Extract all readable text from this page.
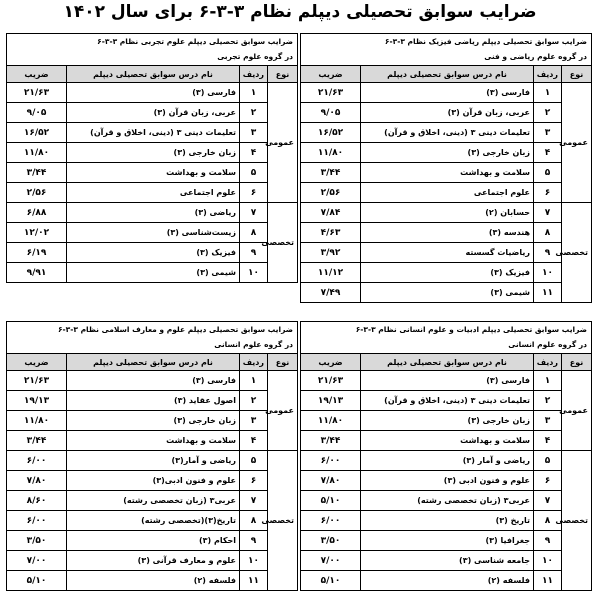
ضرایب سوابق تحصیلی دیپلم نظام ۳-۳-۶ برای سال ۱۴۰۲
ضرایب سوابق تحصیلی دیپلم ریاضی فیزیک نظام ۳-۳-۶
در گروه علوم ریاضی و فنی
نوع	ردیف	نام درس سوابق تحصیلی دیپلم	ضریب
عمومی	۱	فارسی (۳)	۲۱/۶۳
	۲	عربی، زبان قرآن (۳)	۹/۰۵
	۳	تعلیمات دینی ۳ (دینی، اخلاق و قرآن)	۱۶/۵۲
	۴	زبان خارجی (۳)	۱۱/۸۰
	۵	سلامت و بهداشت	۳/۴۴
	۶	علوم اجتماعی	۲/۵۶
تخصصی	۷	حسابان (۲)	۷/۸۴
	۸	هندسه (۳)	۴/۶۳
	۹	ریاضیات گسسته	۳/۹۲
	۱۰	فیزیک (۳)	۱۱/۱۲
	۱۱	شیمی (۳)	۷/۴۹
ضرایب سوابق تحصیلی دیپلم علوم تجربی نظام ۳-۳-۶
در گروه علوم تجربی
نوع	ردیف	نام درس سوابق تحصیلی دیپلم	ضریب
عمومی	۱	فارسی (۳)	۲۱/۶۳
	۲	عربی، زبان قرآن (۳)	۹/۰۵
	۳	تعلیمات دینی ۳ (دینی، اخلاق و قرآن)	۱۶/۵۲
	۴	زبان خارجی (۳)	۱۱/۸۰
	۵	سلامت و بهداشت	۳/۴۴
	۶	علوم اجتماعی	۲/۵۶
تخصصی	۷	ریاضی (۳)	۶/۸۸
	۸	زیست‌شناسی (۳)	۱۲/۰۲
	۹	فیزیک (۳)	۶/۱۹
	۱۰	شیمی (۳)	۹/۹۱
ضرایب سوابق تحصیلی دیپلم ادبیات و علوم انسانی نظام ۳-۳-۶
در گروه علوم انسانی
نوع	ردیف	نام درس سوابق تحصیلی دیپلم	ضریب
عمومی	۱	فارسی (۳)	۲۱/۶۳
	۲	تعلیمات دینی ۳ (دینی، اخلاق و قرآن)	۱۹/۱۳
	۳	زبان خارجی (۳)	۱۱/۸۰
	۴	سلامت و بهداشت	۳/۴۴
تخصصی	۵	ریاضی و آمار (۳)	۶/۰۰
	۶	علوم و فنون ادبی (۳)	۷/۸۰
	۷	عربی۳ (زبان تخصصی رشته)	۵/۱۰
	۸	تاریخ (۳)	۶/۰۰
	۹	جغرافیا (۳)	۳/۵۰
	۱۰	جامعه شناسی (۳)	۷/۰۰
	۱۱	فلسفه (۲)	۵/۱۰
ضرایب سوابق تحصیلی دیپلم علوم و معارف اسلامی نظام ۳-۳-۶
در گروه علوم انسانی
نوع	ردیف	نام درس سوابق تحصیلی دیپلم	ضریب
عمومی	۱	فارسی (۳)	۲۱/۶۳
	۲	اصول عقاید (۳)	۱۹/۱۳
	۳	زبان خارجی (۳)	۱۱/۸۰
	۴	سلامت و بهداشت	۳/۴۴
تخصصی	۵	ریاضی و آمار(۳)	۶/۰۰
	۶	علوم و فنون ادبی(۳)	۷/۸۰
	۷	عربی۳ (زبان تخصصی رشته)	۸/۶۰
	۸	تاریخ(۳)(تخصصی رشته)	۶/۰۰
	۹	احکام (۳)	۳/۵۰
	۱۰	علوم و معارف قرآنی (۳)	۷/۰۰
	۱۱	فلسفه (۲)	۵/۱۰
